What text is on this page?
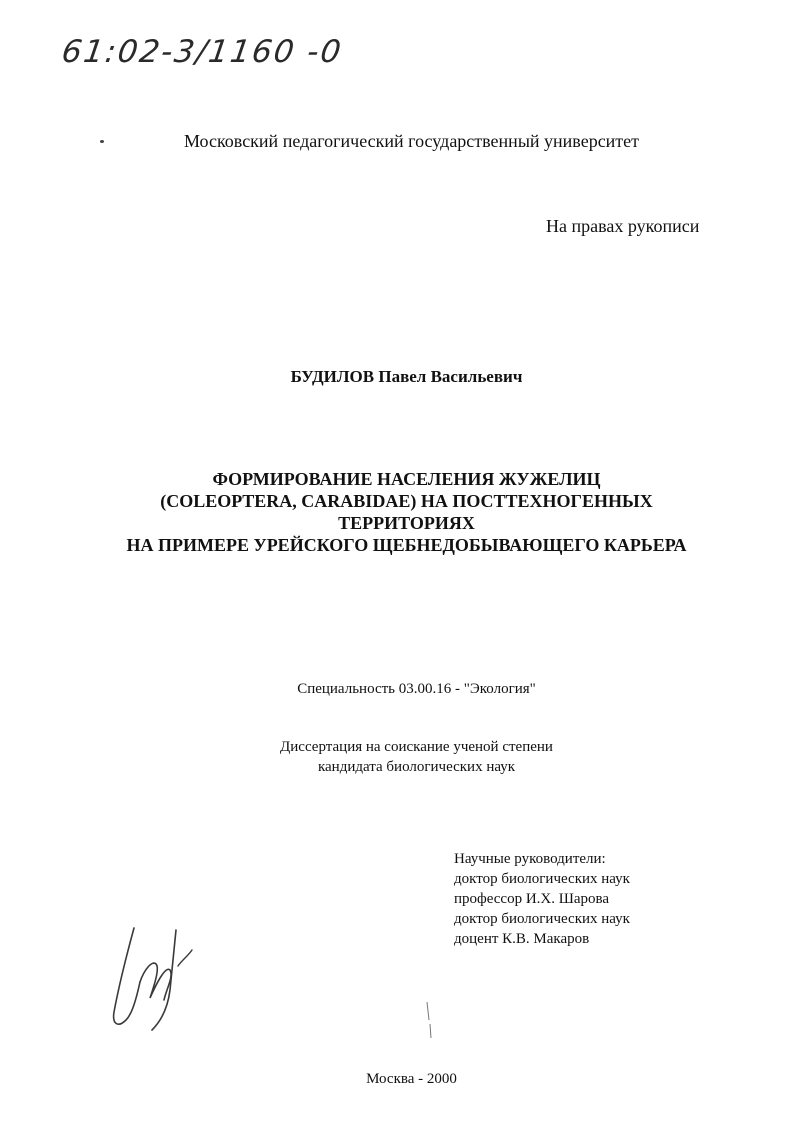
61:02-3/1160 -0

Московский педагогический государственный университет

На правах рукописи

БУДИЛОВ Павел Васильевич

ФОРМИРОВАНИЕ НАСЕЛЕНИЯ ЖУЖЕЛИЦ
(COLEOPTERA, CARABIDAE) НА ПОСТТЕХНОГЕННЫХ
ТЕРРИТОРИЯХ
НА ПРИМЕРЕ УРЕЙСКОГО ЩЕБНЕДОБЫВАЮЩЕГО КАРЬЕРА

Специальность 03.00.16 - "Экология"

Диссертация на соискание ученой степени
кандидата биологических наук
Научные руководители:
доктор биологических наук
профессор И.Х. Шарова
доктор биологических наук
доцент К.В. Макаров

Москва - 2000
